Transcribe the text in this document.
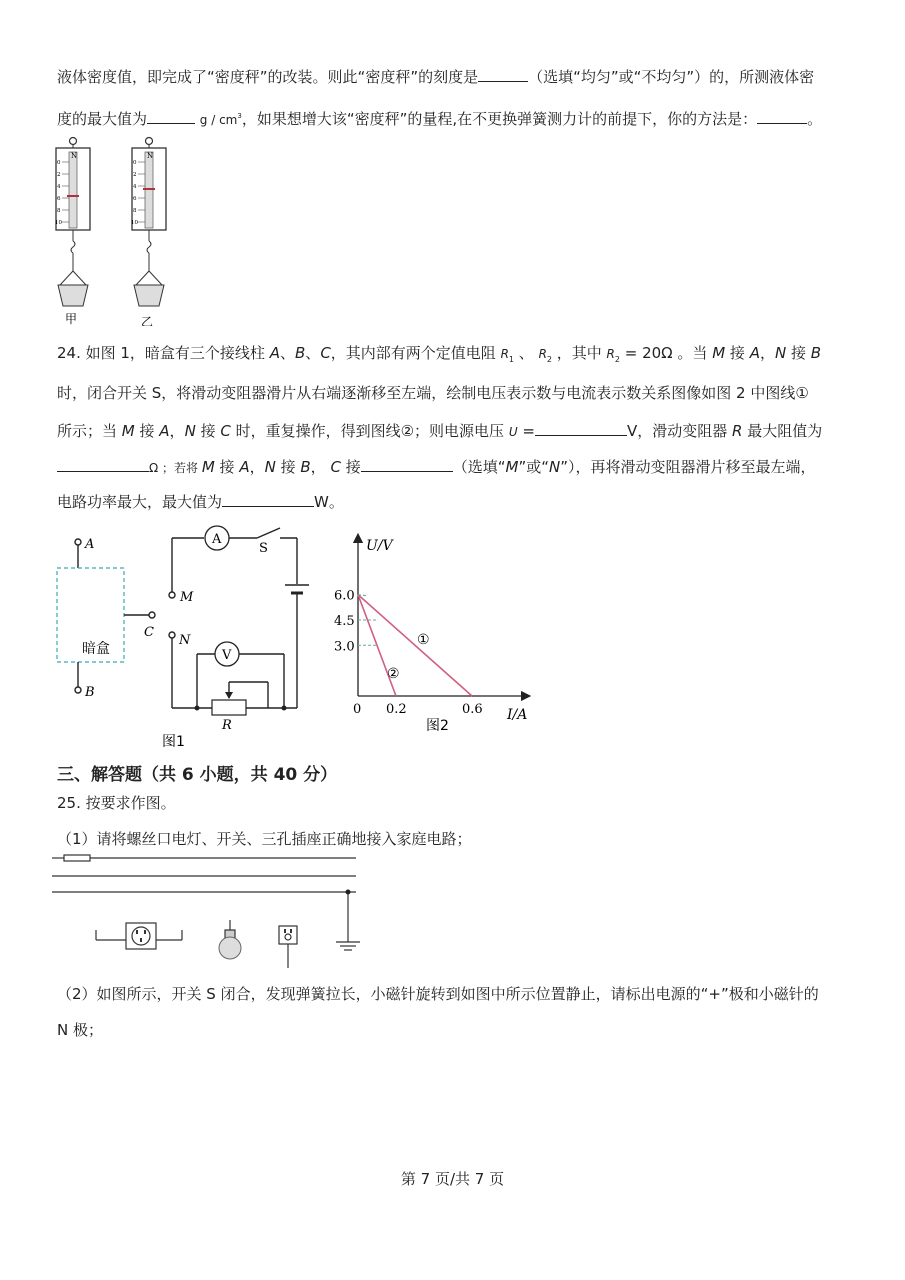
液体密度值，即完成了“密度秤”的改装。则此“密度秤”的刻度是	（选填“均匀”或“不均匀”）的，所测液体密
度的最大值为	g / $cm^3$，如果想增大该“密度秤”的量程,在不更换弹簧测力计的前提下，你的方法是：	。
N
0
2
4
6
8
10
甲
N
0
2
4
6
8
10
乙
24. 如图 1，暗盒有三个接线柱 A、B、C，其内部有两个定值电阻 $R_1$ 、 $R_2$ ，其中 $R_2 = 20\Omega$ 。当 M 接 A，N 接 B
时，闭合开关 S，将滑动变阻器滑片从右端逐渐移至左端，绘制电压表示数与电流表示数关系图像如图 2 中图线①
所示；当 M 接 A，N 接 C 时，重复操作，得到图线②；则电源电压 U =	V，滑动变阻器 R 最大阻值为
Ω ；若将 M 接 A，N 接 B， C 接	（选填“M”或“N”），再将滑动变阻器滑片移至最左端，
电路功率最大，最大值为	W。
A
B
C
M
N
A
V
S
R
暗盒
图1
U/V
I/A
0
3.0
4.5
6.0
0.2	0.6
①
②
图2
三、解答题（共 6 小题，共 40 分）
25. 按要求作图。
（1）请将螺丝口电灯、开关、三孔插座正确地接入家庭电路；
（2）如图所示，开关 S 闭合，发现弹簧拉长，小磁针旋转到如图中所示位置静止，请标出电源的“+”极和小磁针的
N 极；
第 7 页/共 7 页
